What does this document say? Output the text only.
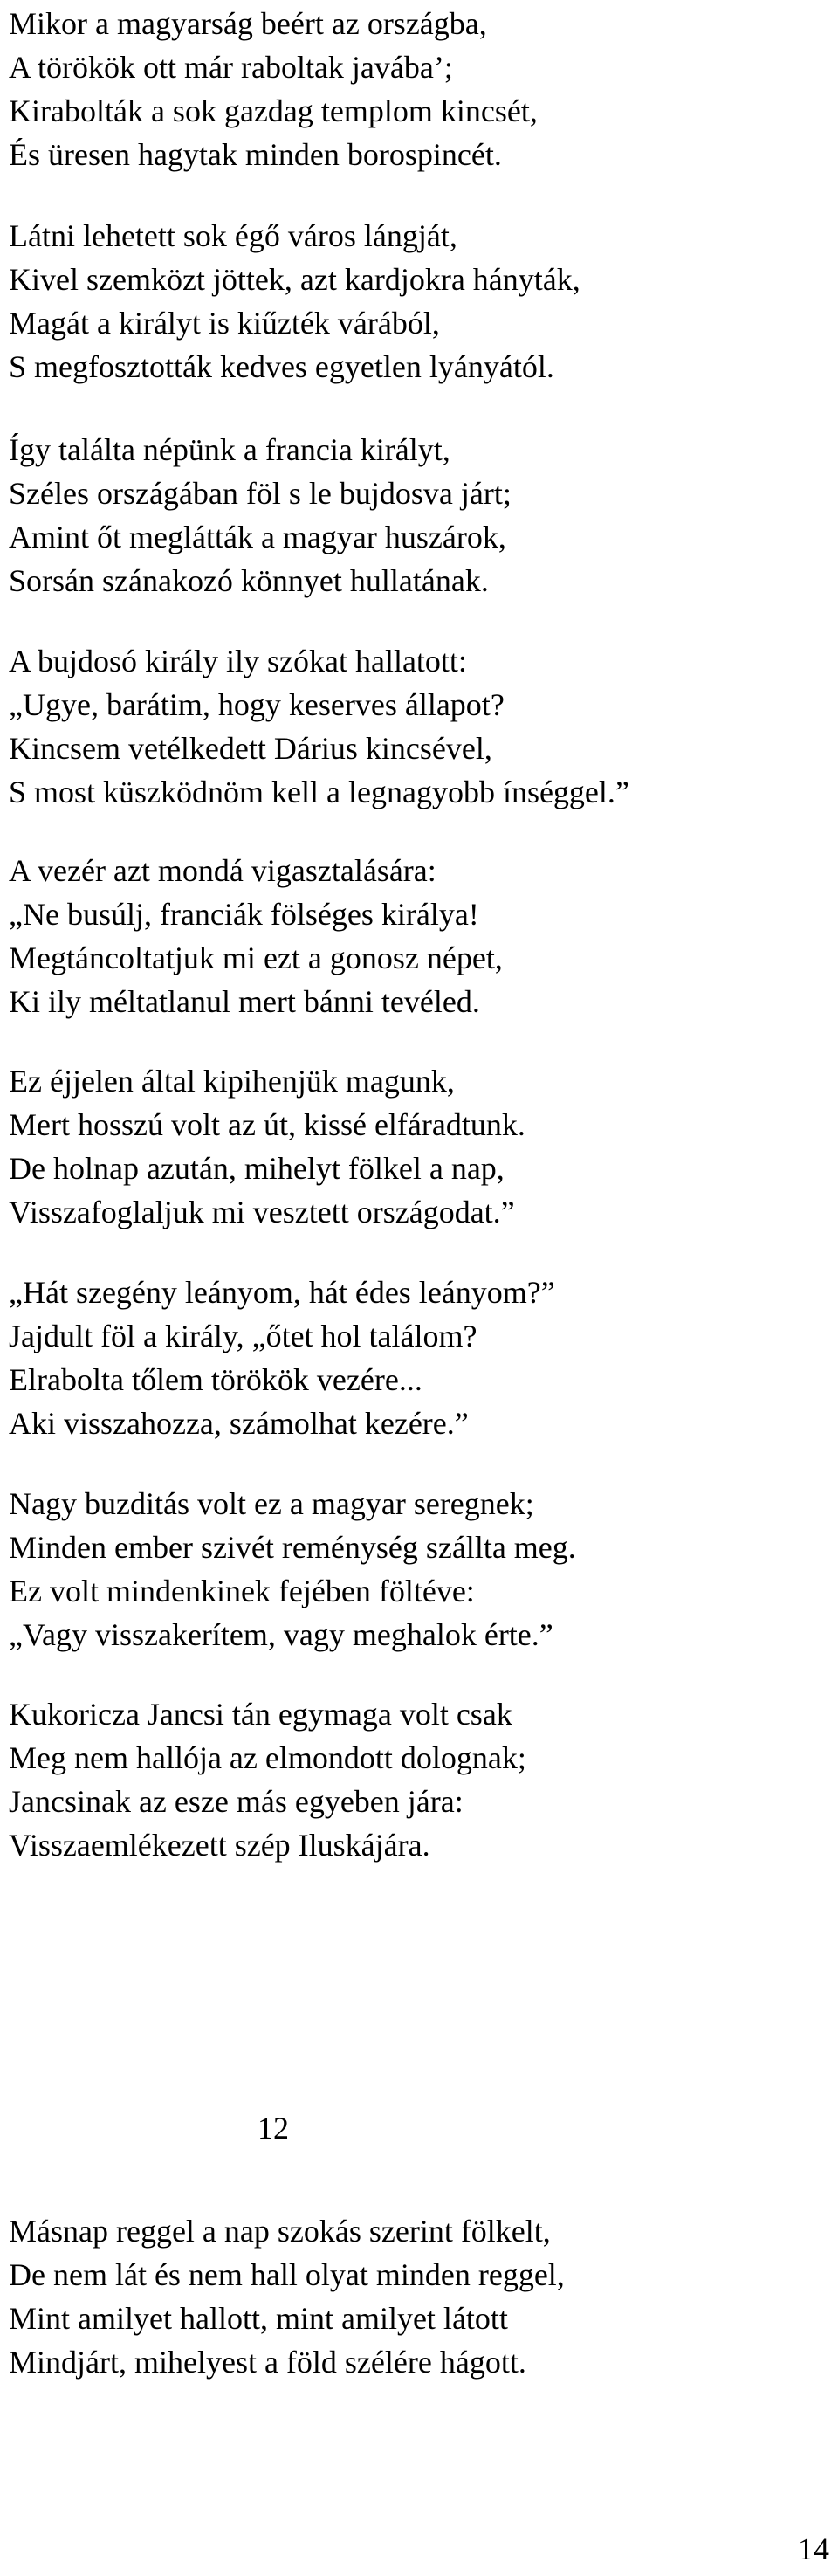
Mikor a magyarság beért az országba,
A törökök ott már raboltak javába’;
Kirabolták a sok gazdag templom kincsét,
És üresen hagytak minden borospincét.
Látni lehetett sok égő város lángját,
Kivel szemközt jöttek, azt kardjokra hányták,
Magát a királyt is kiűzték várából,
S megfosztották kedves egyetlen lyányától.
Így találta népünk a francia királyt,
Széles országában föl s le bujdosva járt;
Amint őt meglátták a magyar huszárok,
Sorsán szánakozó könnyet hullatának.
A bujdosó király ily szókat hallatott:
„Ugye, barátim, hogy keserves állapot?
Kincsem vetélkedett Dárius kincsével,
S most küszködnöm kell a legnagyobb ínséggel.”
A vezér azt mondá vigasztalására:
„Ne busúlj, franciák fölséges királya!
Megtáncoltatjuk mi ezt a gonosz népet,
Ki ily méltatlanul mert bánni tevéled.
Ez éjjelen által kipihenjük magunk,
Mert hosszú volt az út, kissé elfáradtunk.
De holnap azután, mihelyt fölkel a nap,
Visszafoglaljuk mi vesztett országodat.”
„Hát szegény leányom, hát édes leányom?”
Jajdult föl a király, „őtet hol találom?
Elrabolta tőlem törökök vezére...
Aki visszahozza, számolhat kezére.”
Nagy buzditás volt ez a magyar seregnek;
Minden ember szivét reménység szállta meg.
Ez volt mindenkinek fejében föltéve:
„Vagy visszakerítem, vagy meghalok érte.”
Kukoricza Jancsi tán egymaga volt csak
Meg nem hallója az elmondott dolognak;
Jancsinak az esze más egyeben jára:
Visszaemlékezett szép Iluskájára.
12
Másnap reggel a nap szokás szerint fölkelt,
De nem lát és nem hall olyat minden reggel,
Mint amilyet hallott, mint amilyet látott
Mindjárt, mihelyest a föld szélére hágott.
14
